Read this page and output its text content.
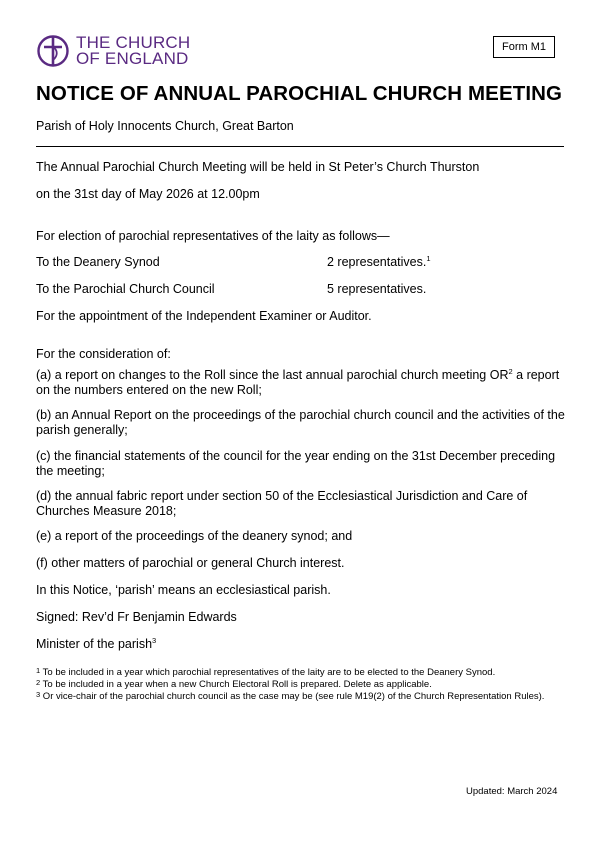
THE CHURCH
OF ENGLAND
Form M1
NOTICE OF ANNUAL PAROCHIAL CHURCH MEETING
Parish of Holy Innocents Church, Great Barton
The Annual Parochial Church Meeting will be held in St Peter’s Church Thurston
on the 31st day of May 2026 at 12.00pm
For election of parochial representatives of the laity as follows—
To the Deanery Synod	2 representatives.$^1$
To the Parochial Church Council	5 representatives.
For the appointment of the Independent Examiner or Auditor.
For the consideration of:
(a) a report on changes to the Roll since the last annual parochial church meeting $OR^2$ a report on the numbers entered on the new Roll;
(b) an Annual Report on the proceedings of the parochial church council and the activities of the parish generally;
(c) the financial statements of the council for the year ending on the 31st December preceding the meeting;
(d) the annual fabric report under section 50 of the Ecclesiastical Jurisdiction and Care of Churches Measure 2018;
(e) a report of the proceedings of the deanery synod; and
(f) other matters of parochial or general Church interest.
In this Notice, ‘parish’ means an ecclesiastical parish.
Signed: Rev’d Fr Benjamin Edwards
Minister of the parish$^3$
$^1$ To be included in a year which parochial representatives of the laity are to be elected to the Deanery Synod.
$^2$ To be included in a year when a new Church Electoral Roll is prepared. Delete as applicable.
$^3$ Or vice-chair of the parochial church council as the case may be (see rule M19(2) of the Church Representation Rules).
Updated: March 2024
